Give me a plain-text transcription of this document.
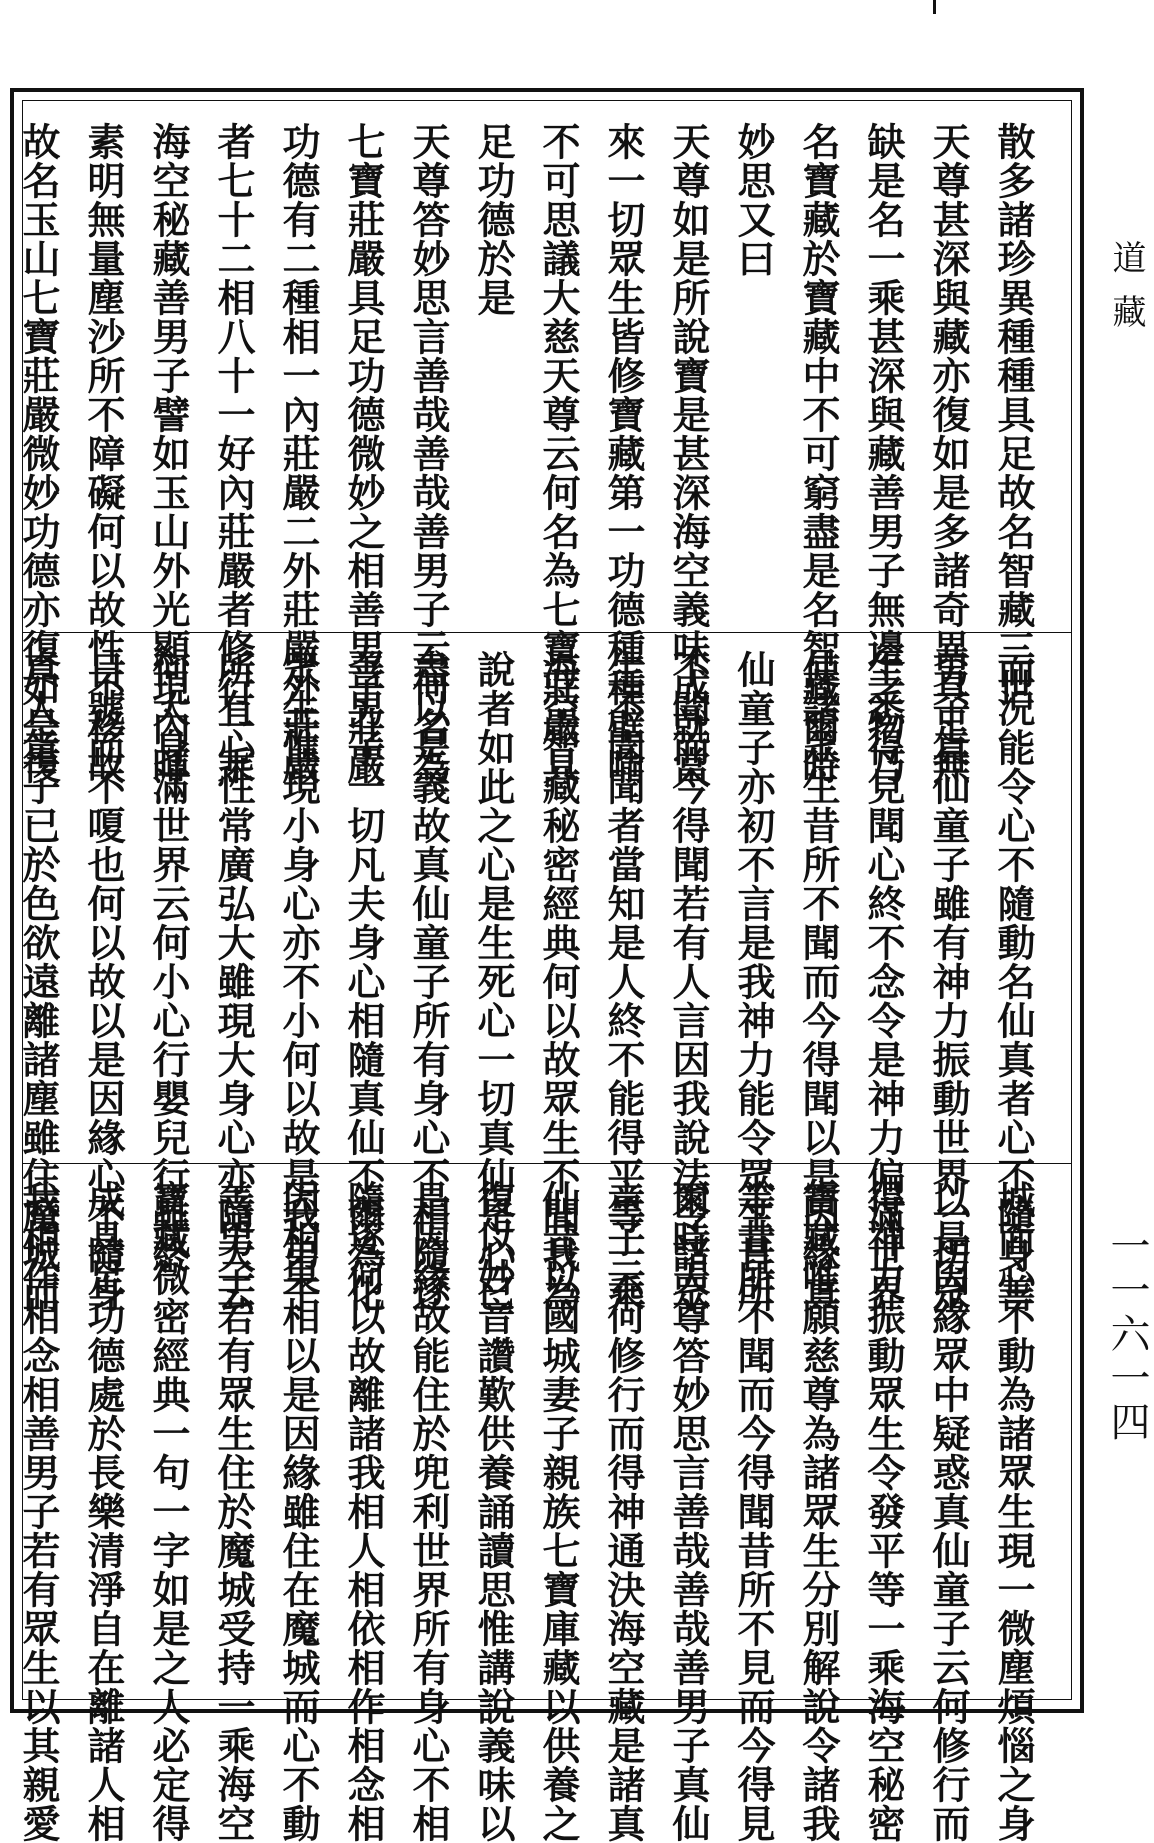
散多諸珍異種種具足故名智藏三世
天尊甚深與藏亦復如是多諸奇異具足無
缺是名一乘甚深與藏善男子無邊之物乃
名寶藏於寶藏中不可窮盡是名智藏爾時
妙思又曰
天尊如是所說寶是甚深海空義味成就當
來一切眾生皆修寶藏第一功德種種壁喻
不可思議大慈天尊云何名為七寶莊嚴具
足功德於是
天尊答妙思言善哉善哉善男子云何名為
七寶莊嚴具足功德微妙之相善男子莊嚴
功德有二種相一內莊嚴二外莊嚴外莊嚴
者七十二相八十一好內莊嚴者修行一乘
海空秘藏善男子譬如玉山外光顯現內暉
素明無量塵沙所不障礙何以故性不移故
故名玉山七寶莊嚴微妙功德亦復如是復
而況能令心不隨動名仙真者心不隨身善
男子真仙童子雖有神力振動世界一切眾
生悉得見聞心終不念令是神力偏滿世界
使諸眾生昔所不聞而今得聞以是因緣真
仙童子亦初不言是我神力能令眾生昔所
不聞而今得聞若有人言因我說法令諸眾
生不聞聞者當知是人終不能得平等一乘
海空智藏秘密經典何以故眾生不聞我為
說者如此之心是生死心一切真仙是心已
盡以是義故真仙童子所有身心不相隨逐
善男子一切凡夫身心相隨真仙不爾為化
眾生惟現小身心亦不小何以故是我弟子
所有心性常廣弘大雖現大身心亦隨大云
何大身滿世界云何小心行嬰兒行雖終
日號而不嗄也何以故以是因緣心不隨身
真人童子已於色欲遠離諸塵雖住魔城而
城而心不動為諸眾生現一微塵煩惱之身
以是因緣眾中疑惑真仙童子云何修行而
得神力振動眾生令發平等一乘海空秘密
寶藏唯願慈尊為諸眾生分別解說令諸我
等昔所不聞而今得聞昔所不見而今得見
爾時天尊答妙思言善哉善哉善男子真仙
童子云何修行而得神通決海空藏是諸真
仙昔以國城妻子親族七寶庫藏以供養之
復以妙音讚歎供養誦讀思惟講說義味以
是因緣故能住於兜利世界所有身心不相
隨逐何以故離諸我相人相依相作相念相
因相果相以是因緣雖住在魔城而心不動
善男子若有眾生住於魔城受持一乘海空
寶藏微密經典一句一字如是之人必定得
成具足功德處於長樂清淨自在離諸人相
我相作相念相善男子若有眾生以其親愛
道藏
一一六一四
